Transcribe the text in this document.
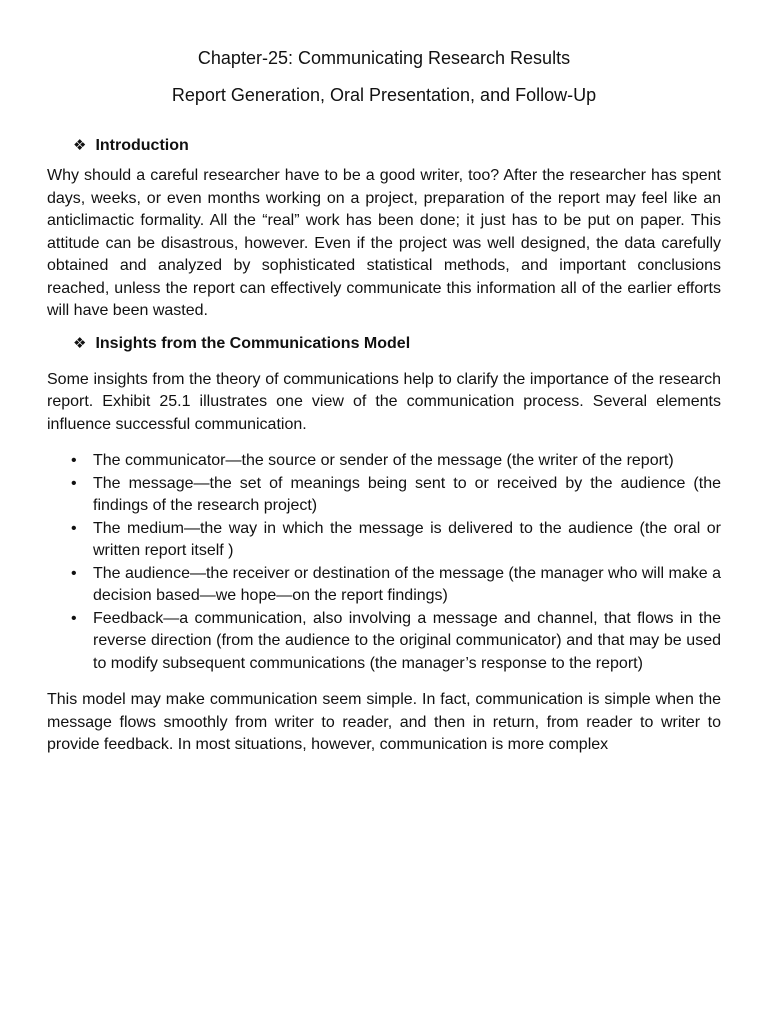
Chapter-25: Communicating Research Results
Report Generation, Oral Presentation, and Follow-Up
❖ Introduction

Why should a careful researcher have to be a good writer, too? After the researcher has spent days, weeks, or even months working on a project, preparation of the report may feel like an anticlimactic formality. All the “real” work has been done; it just has to be put on paper. This attitude can be disastrous, however. Even if the project was well designed, the data carefully obtained and analyzed by sophisticated statistical methods, and important conclusions reached, unless the report can effectively communicate this information all of the earlier efforts will have been wasted.

❖ Insights from the Communications Model

Some insights from the theory of communications help to clarify the importance of the research report. Exhibit 25.1 illustrates one view of the communication process. Several elements influence successful communication.

• The communicator—the source or sender of the message (the writer of the report)
• The message—the set of meanings being sent to or received by the audience (the findings of the research project)
• The medium—the way in which the message is delivered to the audience (the oral or written report itself )
• The audience—the receiver or destination of the message (the manager who will make a decision based—we hope—on the report findings)
• Feedback—a communication, also involving a message and channel, that flows in the reverse direction (from the audience to the original communicator) and that may be used to modify subsequent communications (the manager’s response to the report)

This model may make communication seem simple. In fact, communication is simple when the message flows smoothly from writer to reader, and then in return, from reader to writer to provide feedback. In most situations, however, communication is more complex
